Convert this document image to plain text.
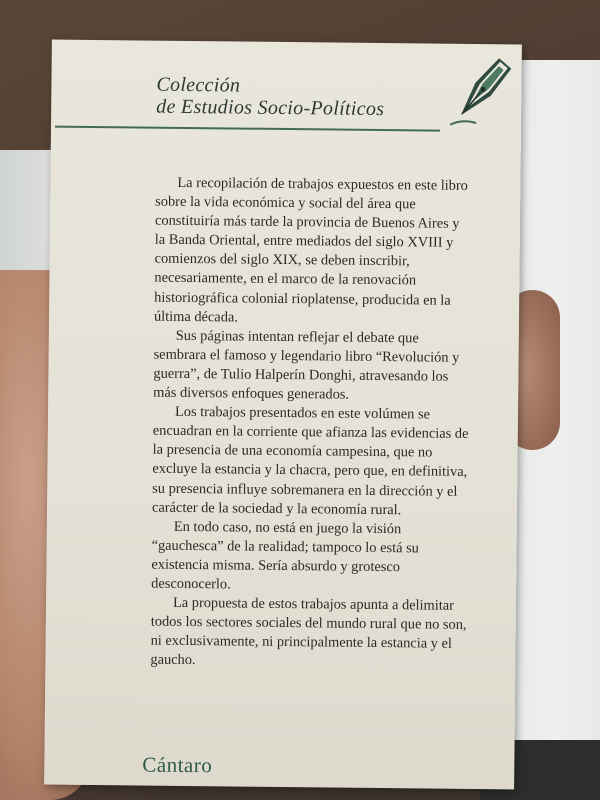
Colección
de Estudios Socio-Políticos

La recopilación de trabajos expuestos en este libro sobre la vida económica y social del área que constituiría más tarde la provincia de Buenos Aires y la Banda Oriental, entre mediados del siglo XVIII y comienzos del siglo XIX, se deben inscribir, necesariamente, en el marco de la renovación historiográfica colonial rioplatense, producida en la última década.

Sus páginas intentan reflejar el debate que sembrara el famoso y legendario libro “Revolución y guerra”, de Tulio Halperín Donghi, atravesando los más diversos enfoques generados.

Los trabajos presentados en este volúmen se encuadran en la corriente que afianza las evidencias de la presencia de una economía campesina, que no excluye la estancia y la chacra, pero que, en definitiva, su presencia influye sobremanera en la dirección y el carácter de la sociedad y la economía rural.

En todo caso, no está en juego la visión “gauchesca” de la realidad; tampoco lo está su existencia misma. Sería absurdo y grotesco desconocerlo.

La propuesta de estos trabajos apunta a delimitar todos los sectores sociales del mundo rural que no son, ni exclusivamente, ni principalmente la estancia y el gaucho.

Cántaro
